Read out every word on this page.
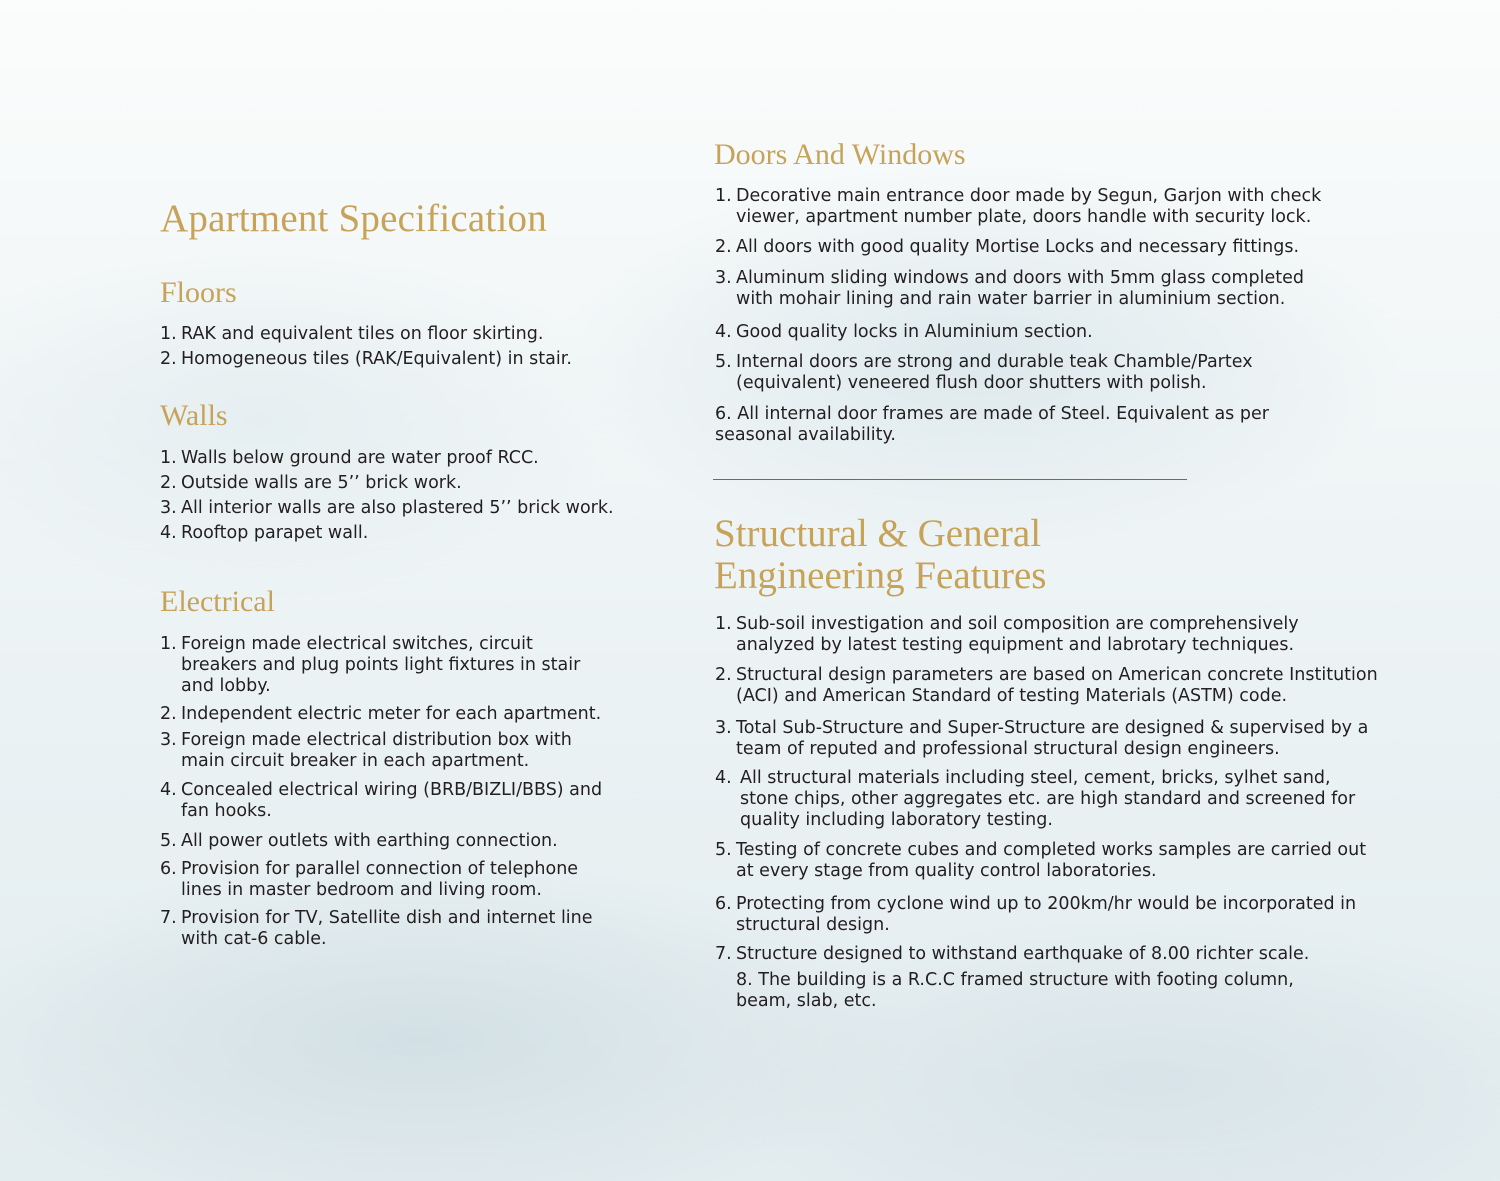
Apartment Specification
Floors
1. RAK and equivalent tiles on floor skirting.
2. Homogeneous tiles (RAK/Equivalent) in stair.
Walls
1. Walls below ground are water proof RCC.
2. Outside walls are 5’’ brick work.
3. All interior walls are also plastered 5’’ brick work.
4. Rooftop parapet wall.
Electrical
1. Foreign made electrical switches, circuit breakers and plug points light fixtures in stair and lobby.
2. Independent electric meter for each apartment.
3. Foreign made electrical distribution box with main circuit breaker in each apartment.
4. Concealed electrical wiring (BRB/BIZLI/BBS) and fan hooks.
5. All power outlets with earthing connection.
6. Provision for parallel connection of telephone lines in master bedroom and living room.
7. Provision for TV, Satellite dish and internet line with cat-6 cable.
Doors And Windows
1. Decorative main entrance door made by Segun, Garjon with check viewer, apartment number plate, doors handle with security lock.
2. All doors with good quality Mortise Locks and necessary fittings.
3. Aluminum sliding windows and doors with 5mm glass completed with mohair lining and rain water barrier in aluminium section.
4. Good quality locks in Aluminium section.
5. Internal doors are strong and durable teak Chamble/Partex (equivalent) veneered flush door shutters with polish.
6. All internal door frames are made of Steel. Equivalent as per seasonal availability.
Structural & General
Engineering Features
1. Sub-soil investigation and soil composition are comprehensively analyzed by latest testing equipment and labrotary techniques.
2. Structural design parameters are based on American concrete Institution (ACI) and American Standard of testing Materials (ASTM) code.
3. Total Sub-Structure and Super-Structure are designed & supervised by a team of reputed and professional structural design engineers.
4. All structural materials including steel, cement, bricks, sylhet sand, stone chips, other aggregates etc. are high standard and screened for quality including laboratory testing.
5. Testing of concrete cubes and completed works samples are carried out at every stage from quality control laboratories.
6. Protecting from cyclone wind up to 200km/hr would be incorporated in structural design.
7. Structure designed to withstand earthquake of 8.00 richter scale.
8. The building is a R.C.C framed structure with footing column, beam, slab, etc.
